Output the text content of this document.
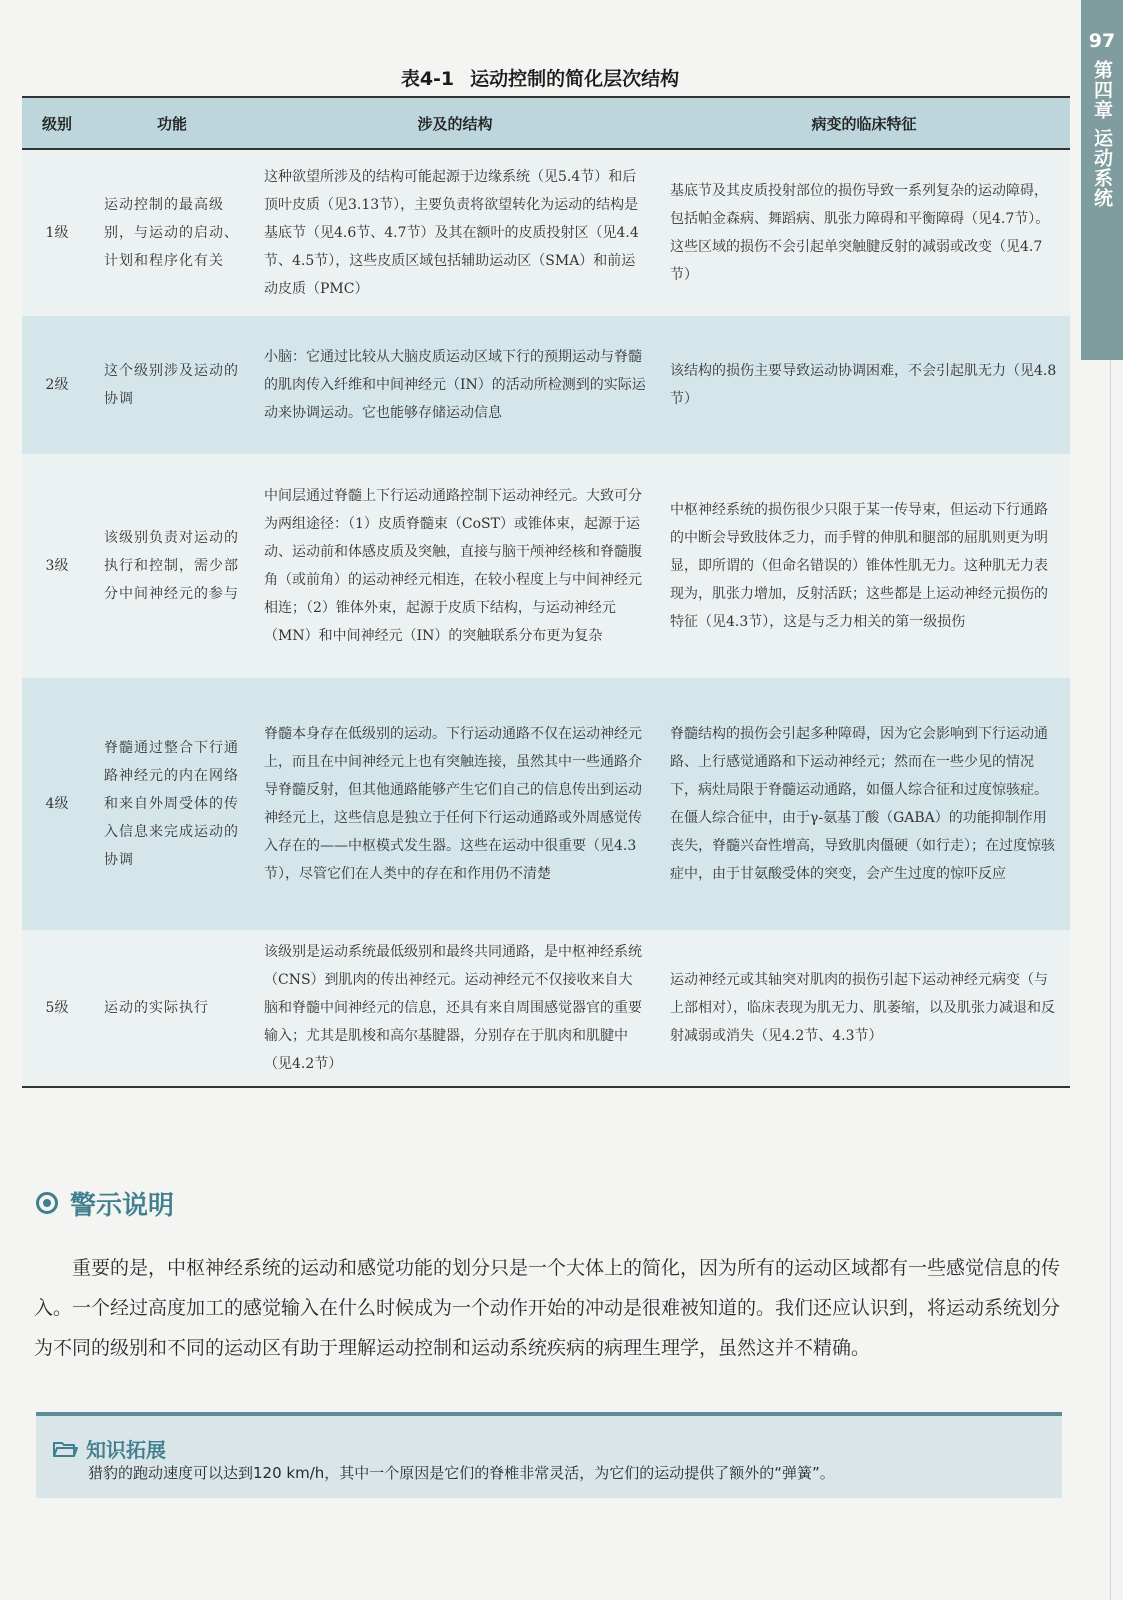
97
第四章 运动系统
表4-1 运动控制的简化层次结构
级别	功能	涉及的结构	病变的临床特征
1级	运动控制的最高级别，与运动的启动、计划和程序化有关	这种欲望所涉及的结构可能起源于边缘系统（见5.4节）和后顶叶皮质（见3.13节），主要负责将欲望转化为运动的结构是基底节（见4.6节、4.7节）及其在额叶的皮质投射区（见4.4节、4.5节），这些皮质区域包括辅助运动区（SMA）和前运动皮质（PMC）	基底节及其皮质投射部位的损伤导致一系列复杂的运动障碍，包括帕金森病、舞蹈病、肌张力障碍和平衡障碍（见4.7节）。这些区域的损伤不会引起单突触腱反射的减弱或改变（见4.7节）
2级	这个级别涉及运动的协调	小脑：它通过比较从大脑皮质运动区域下行的预期运动与脊髓的肌肉传入纤维和中间神经元（IN）的活动所检测到的实际运动来协调运动。它也能够存储运动信息	该结构的损伤主要导致运动协调困难，不会引起肌无力（见4.8节）
3级	该级别负责对运动的执行和控制，需少部分中间神经元的参与	中间层通过脊髓上下行运动通路控制下运动神经元。大致可分为两组途径：（1）皮质脊髓束（CoST）或锥体束，起源于运动、运动前和体感皮质及突触，直接与脑干颅神经核和脊髓腹角（或前角）的运动神经元相连，在较小程度上与中间神经元相连；（2）锥体外束，起源于皮质下结构，与运动神经元（MN）和中间神经元（IN）的突触联系分布更为复杂	中枢神经系统的损伤很少只限于某一传导束，但运动下行通路的中断会导致肢体乏力，而手臂的伸肌和腿部的屈肌则更为明显，即所谓的（但命名错误的）锥体性肌无力。这种肌无力表现为，肌张力增加，反射活跃；这些都是上运动神经元损伤的特征（见4.3节），这是与乏力相关的第一级损伤
4级	脊髓通过整合下行通路神经元的内在网络和来自外周受体的传入信息来完成运动的协调	脊髓本身存在低级别的运动。下行运动通路不仅在运动神经元上，而且在中间神经元上也有突触连接，虽然其中一些通路介导脊髓反射，但其他通路能够产生它们自己的信息传出到运动神经元上，这些信息是独立于任何下行运动通路或外周感觉传入存在的——中枢模式发生器。这些在运动中很重要（见4.3节），尽管它们在人类中的存在和作用仍不清楚	脊髓结构的损伤会引起多种障碍，因为它会影响到下行运动通路、上行感觉通路和下运动神经元；然而在一些少见的情况下，病灶局限于脊髓运动通路，如僵人综合征和过度惊骇症。在僵人综合征中，由于γ-氨基丁酸（GABA）的功能抑制作用丧失，脊髓兴奋性增高，导致肌肉僵硬（如行走）；在过度惊骇症中，由于甘氨酸受体的突变，会产生过度的惊吓反应
5级	运动的实际执行	该级别是运动系统最低级别和最终共同通路，是中枢神经系统（CNS）到肌肉的传出神经元。运动神经元不仅接收来自大脑和脊髓中间神经元的信息，还具有来自周围感觉器官的重要输入；尤其是肌梭和高尔基腱器，分别存在于肌肉和肌腱中（见4.2节）	运动神经元或其轴突对肌肉的损伤引起下运动神经元病变（与上部相对），临床表现为肌无力、肌萎缩，以及肌张力减退和反射减弱或消失（见4.2节、4.3节）
警示说明

重要的是，中枢神经系统的运动和感觉功能的划分只是一个大体上的简化，因为所有的运动区域都有一些感觉信息的传入。一个经过高度加工的感觉输入在什么时候成为一个动作开始的冲动是很难被知道的。我们还应认识到，将运动系统划分为不同的级别和不同的运动区有助于理解运动控制和运动系统疾病的病理生理学，虽然这并不精确。

知识拓展
猎豹的跑动速度可以达到120 km/h，其中一个原因是它们的脊椎非常灵活，为它们的运动提供了额外的“弹簧”。
